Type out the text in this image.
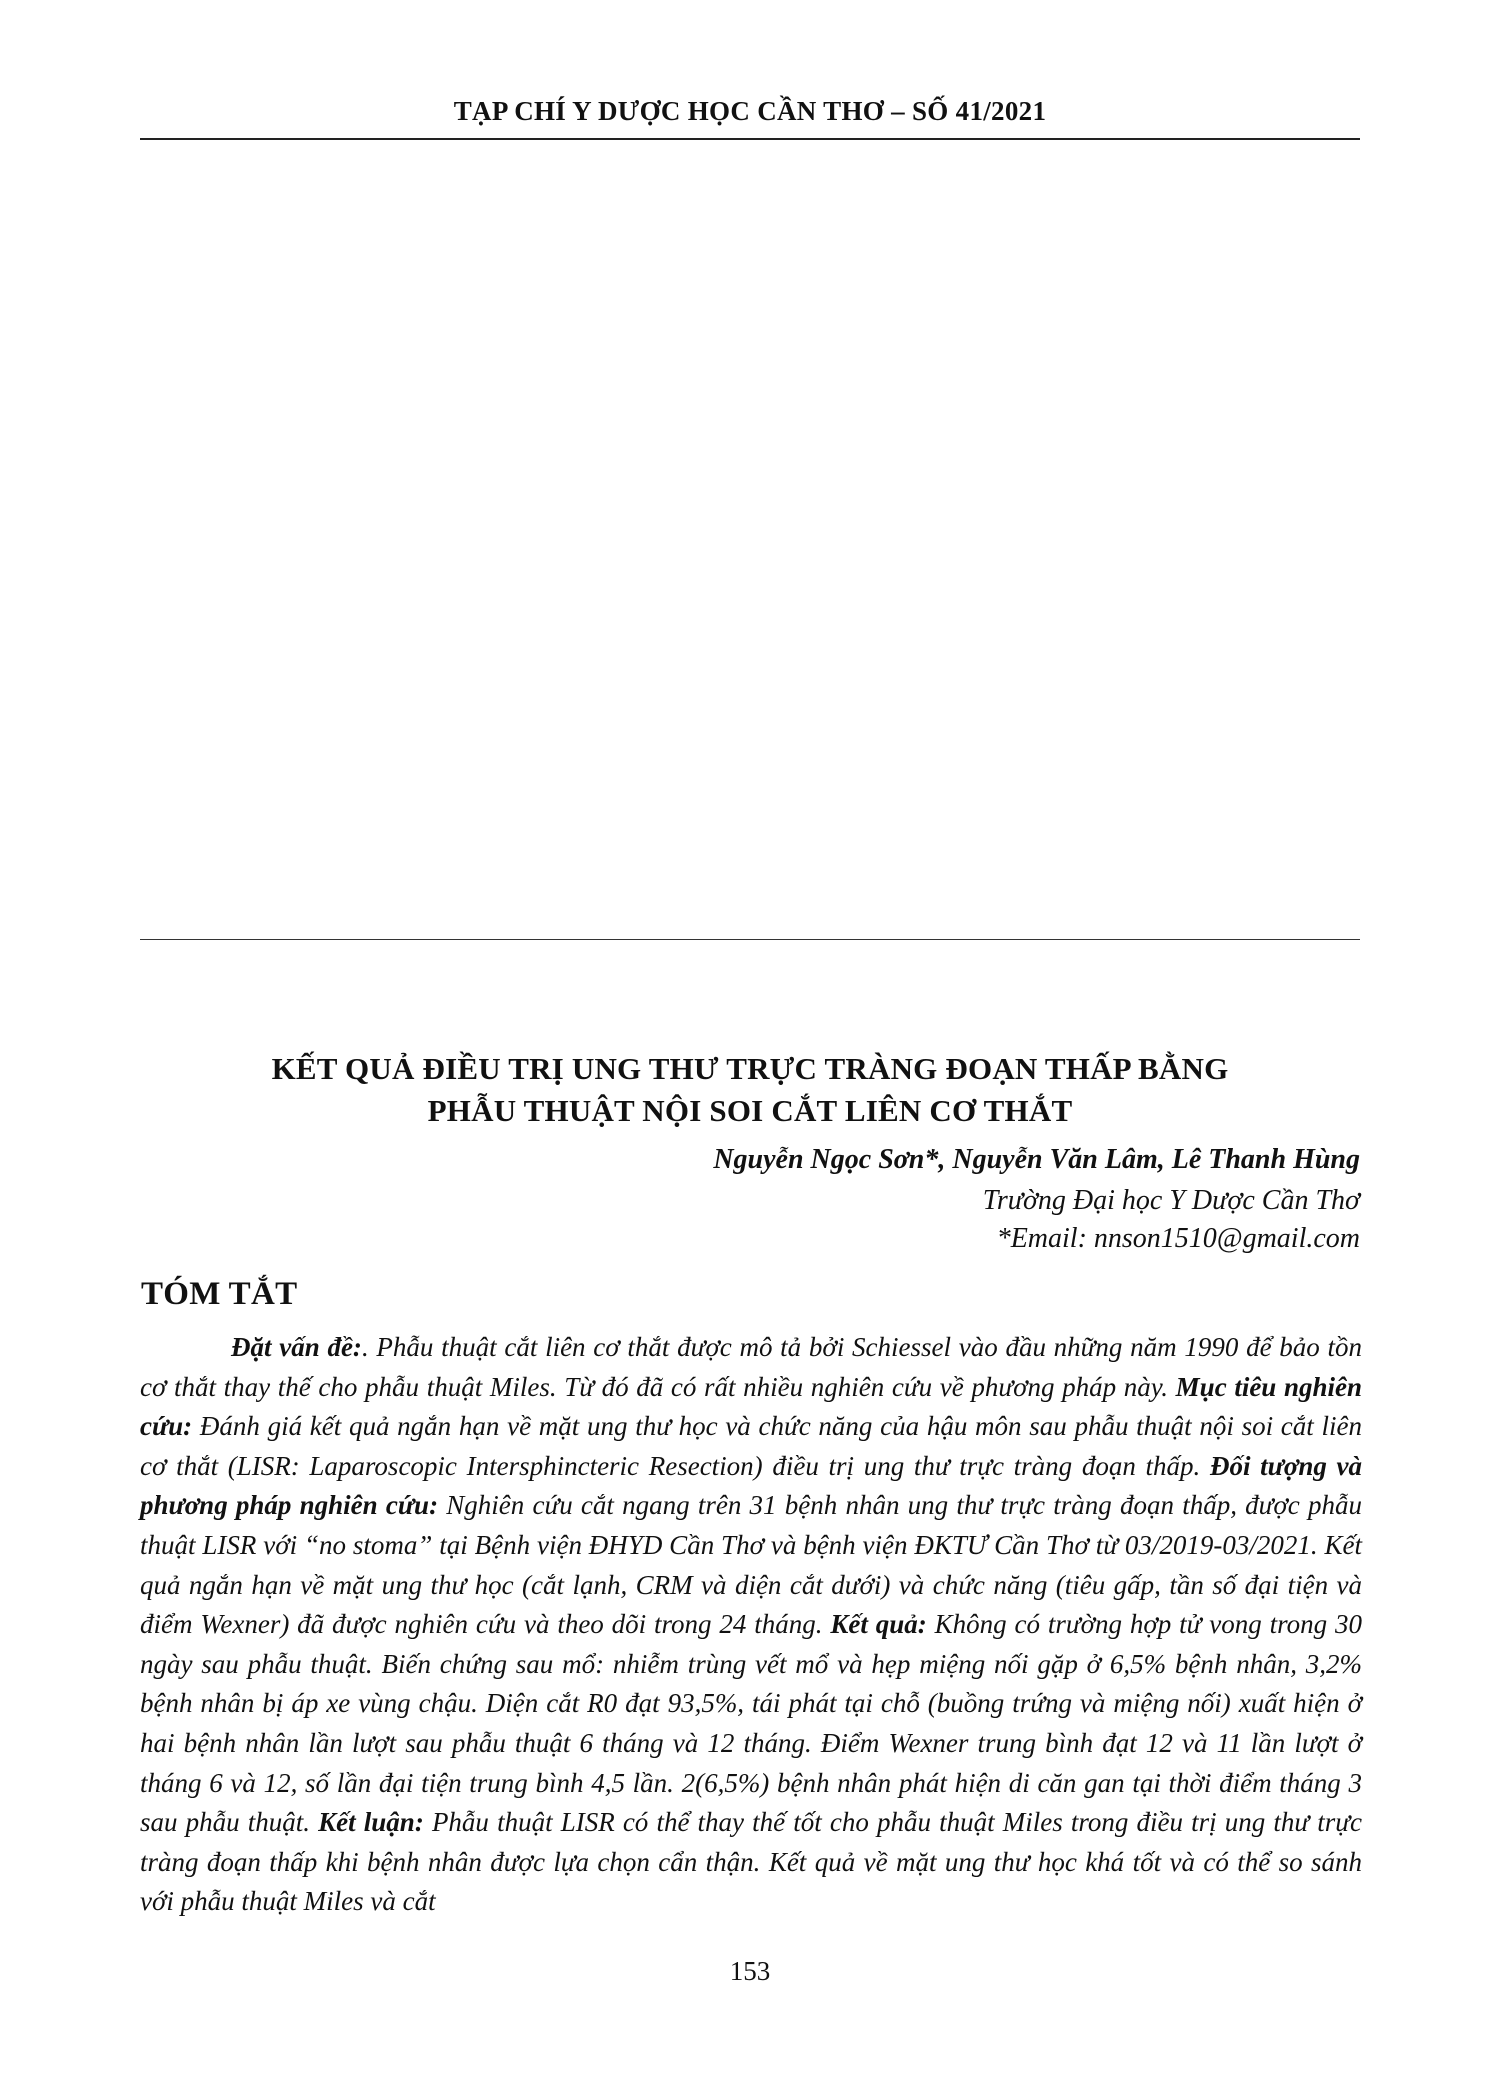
TẠP CHÍ Y DƯỢC HỌC CẦN THƠ – SỐ 41/2021
KẾT QUẢ ĐIỀU TRỊ UNG THƯ TRỰC TRÀNG ĐOẠN THẤP BẰNG
PHẪU THUẬT NỘI SOI CẮT LIÊN CƠ THẮT
Nguyễn Ngọc Sơn*, Nguyễn Văn Lâm, Lê Thanh Hùng
Trường Đại học Y Dược Cần Thơ
*Email: nnson1510@gmail.com
TÓM TẮT
Đặt vấn đề:. Phẫu thuật cắt liên cơ thắt được mô tả bởi Schiessel vào đầu những năm 1990 để bảo tồn cơ thắt thay thế cho phẫu thuật Miles. Từ đó đã có rất nhiều nghiên cứu về phương pháp này. Mục tiêu nghiên cứu: Đánh giá kết quả ngắn hạn về mặt ung thư học và chức năng của hậu môn sau phẫu thuật nội soi cắt liên cơ thắt (LISR: Laparoscopic Intersphincteric Resection) điều trị ung thư trực tràng đoạn thấp. Đối tượng và phương pháp nghiên cứu: Nghiên cứu cắt ngang trên 31 bệnh nhân ung thư trực tràng đoạn thấp, được phẫu thuật LISR với “no stoma” tại Bệnh viện ĐHYD Cần Thơ và bệnh viện ĐKTƯ Cần Thơ từ 03/2019-03/2021. Kết quả ngắn hạn về mặt ung thư học (cắt lạnh, CRM và diện cắt dưới) và chức năng (tiêu gấp, tần số đại tiện và điểm Wexner) đã được nghiên cứu và theo dõi trong 24 tháng. Kết quả: Không có trường hợp tử vong trong 30 ngày sau phẫu thuật. Biến chứng sau mổ: nhiễm trùng vết mổ và hẹp miệng nối gặp ở 6,5% bệnh nhân, 3,2% bệnh nhân bị áp xe vùng chậu. Diện cắt R0 đạt 93,5%, tái phát tại chỗ (buồng trứng và miệng nối) xuất hiện ở hai bệnh nhân lần lượt sau phẫu thuật 6 tháng và 12 tháng. Điểm Wexner trung bình đạt 12 và 11 lần lượt ở tháng 6 và 12, số lần đại tiện trung bình 4,5 lần. 2(6,5%) bệnh nhân phát hiện di căn gan tại thời điểm tháng 3 sau phẫu thuật. Kết luận: Phẫu thuật LISR có thể thay thế tốt cho phẫu thuật Miles trong điều trị ung thư trực tràng đoạn thấp khi bệnh nhân được lựa chọn cẩn thận. Kết quả về mặt ung thư học khá tốt và có thể so sánh với phẫu thuật Miles và cắt
153
